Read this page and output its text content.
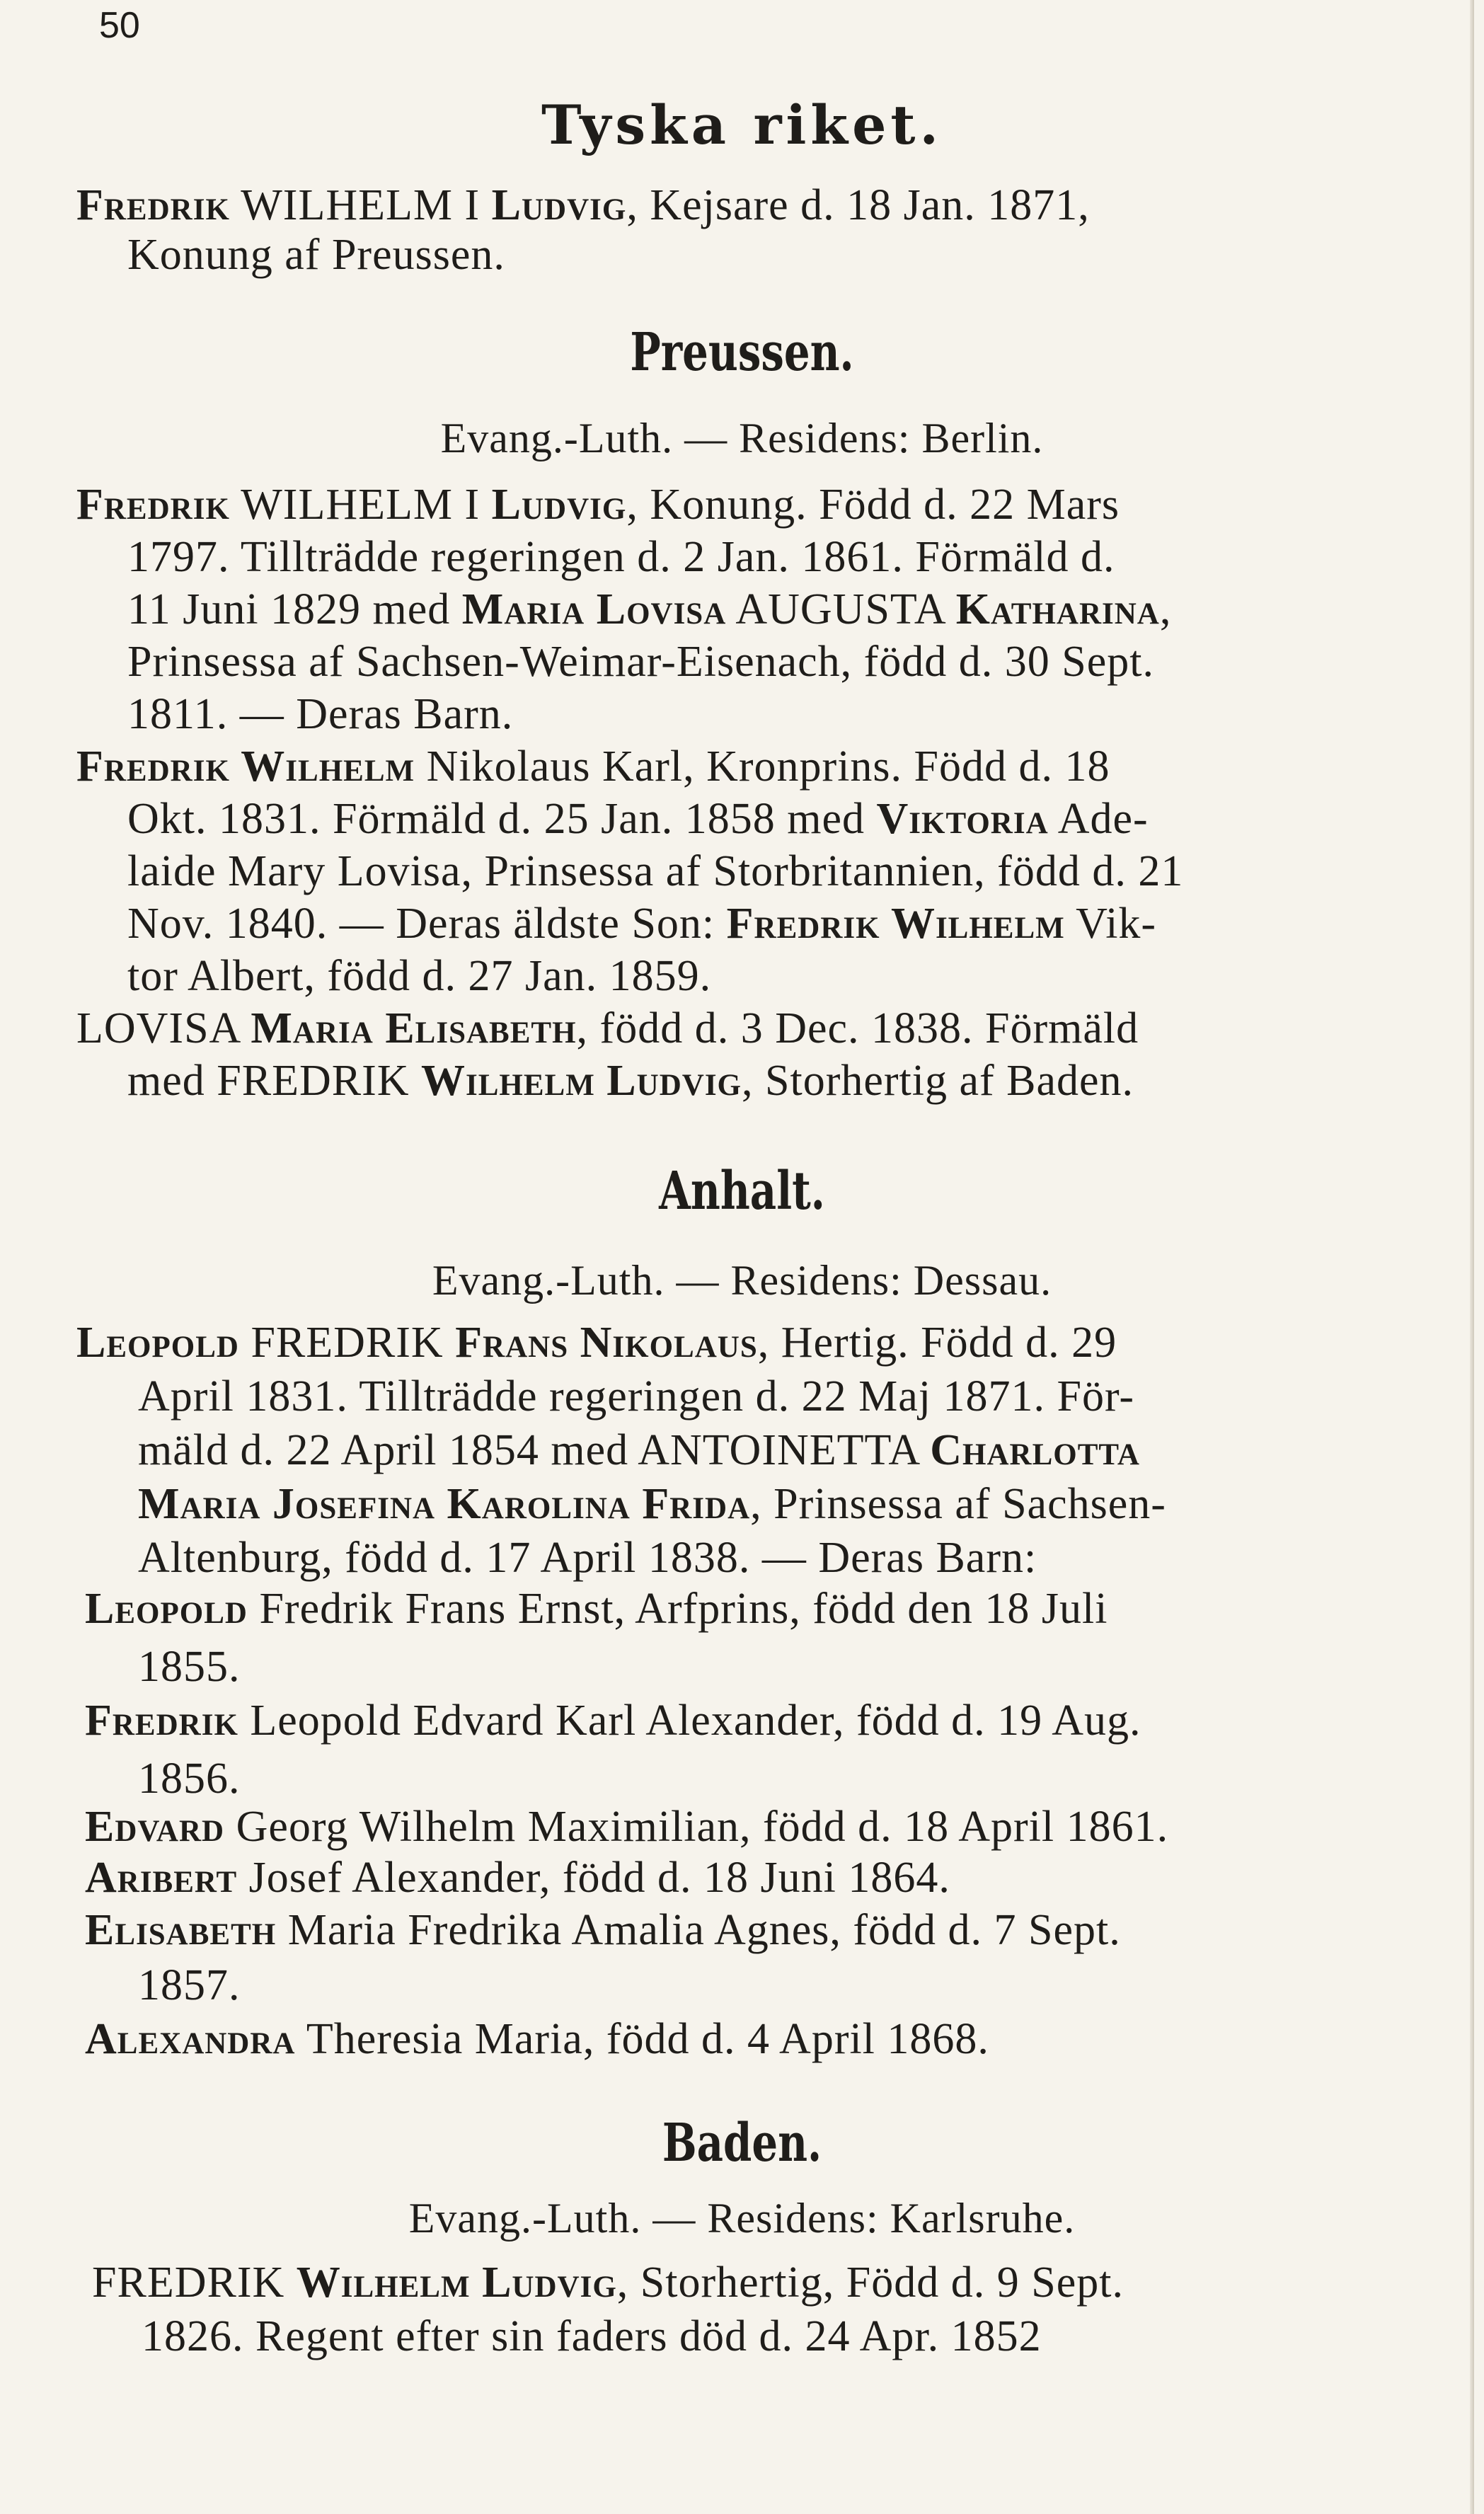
50
Tyska riket.
Fredrik WILHELM I Ludvig, Kejsare d. 18 Jan. 1871,
Konung af Preussen.
Preussen.
Evang.-Luth. — Residens: Berlin.
Fredrik WILHELM I Ludvig, Konung. Född d. 22 Mars
1797. Tillträdde regeringen d. 2 Jan. 1861. Förmäld d.
11 Juni 1829 med Maria Lovisa AUGUSTA Katharina,
Prinsessa af Sachsen-Weimar-Eisenach, född d. 30 Sept.
1811. — Deras Barn.
Fredrik Wilhelm Nikolaus Karl, Kronprins. Född d. 18
Okt. 1831. Förmäld d. 25 Jan. 1858 med Viktoria Ade-
laide Mary Lovisa, Prinsessa af Storbritannien, född d. 21
Nov. 1840. — Deras äldste Son: Fredrik Wilhelm Vik-
tor Albert, född d. 27 Jan. 1859.
LOVISA Maria Elisabeth, född d. 3 Dec. 1838. Förmäld
med FREDRIK Wilhelm Ludvig, Storhertig af Baden.
Anhalt.
Evang.-Luth. — Residens: Dessau.
Leopold FREDRIK Frans Nikolaus, Hertig. Född d. 29
April 1831. Tillträdde regeringen d. 22 Maj 1871. För-
mäld d. 22 April 1854 med ANTOINETTA Charlotta
Maria Josefina Karolina Frida, Prinsessa af Sachsen-
Altenburg, född d. 17 April 1838. — Deras Barn:
Leopold Fredrik Frans Ernst, Arfprins, född den 18 Juli
1855.
Fredrik Leopold Edvard Karl Alexander, född d. 19 Aug.
1856.
Edvard Georg Wilhelm Maximilian, född d. 18 April 1861.
Aribert Josef Alexander, född d. 18 Juni 1864.
Elisabeth Maria Fredrika Amalia Agnes, född d. 7 Sept.
1857.
Alexandra Theresia Maria, född d. 4 April 1868.
Baden.
Evang.-Luth. — Residens: Karlsruhe.
FREDRIK Wilhelm Ludvig, Storhertig, Född d. 9 Sept.
1826. Regent efter sin faders död d. 24 Apr. 1852
